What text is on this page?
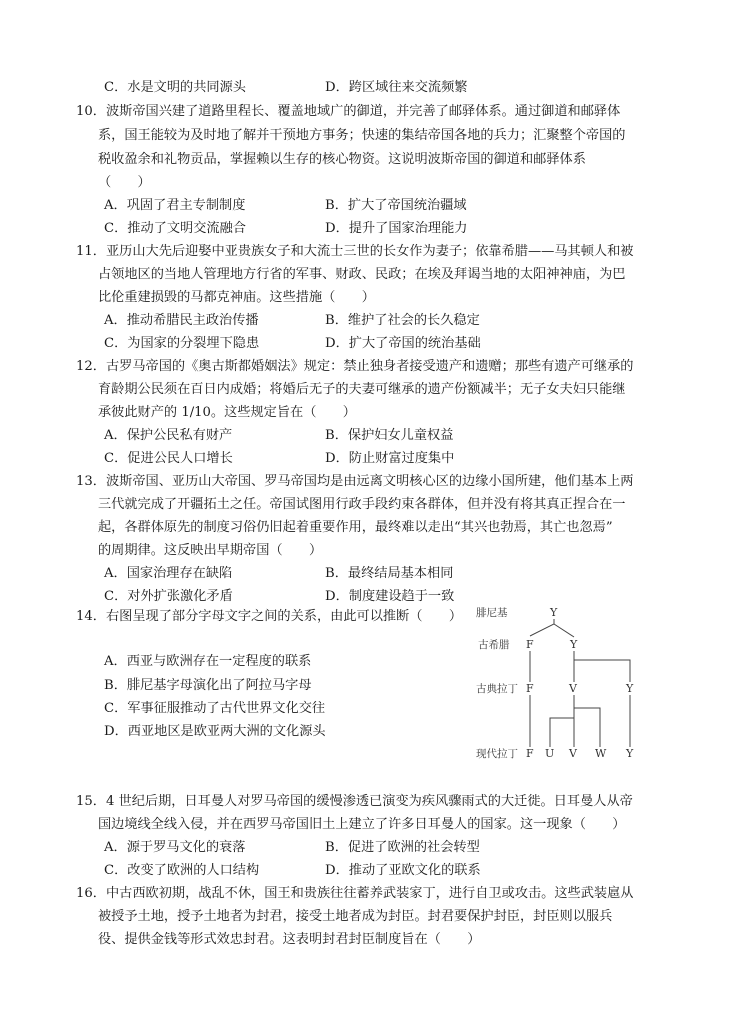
C．水是文明的共同源头	D．跨区域往来交流频繁
10．波斯帝国兴建了道路里程长、覆盖地域广的御道，并完善了邮驿体系。通过御道和邮驿体
系，国王能较为及时地了解并干预地方事务；快速的集结帝国各地的兵力；汇聚整个帝国的
税收盈余和礼物贡品，掌握赖以生存的核心物资。这说明波斯帝国的御道和邮驿体系
（　　）
A．巩固了君主专制制度	B．扩大了帝国统治疆域
C．推动了文明交流融合	D．提升了国家治理能力
11．亚历山大先后迎娶中亚贵族女子和大流士三世的长女作为妻子；依靠希腊——马其顿人和被
占领地区的当地人管理地方行省的军事、财政、民政；在埃及拜谒当地的太阳神神庙，为巴
比伦重建损毁的马都克神庙。这些措施（　　）
A．推动希腊民主政治传播	B．维护了社会的长久稳定
C．为国家的分裂埋下隐患	D．扩大了帝国的统治基础
12．古罗马帝国的《奥古斯都婚姻法》规定：禁止独身者接受遗产和遗赠；那些有遗产可继承的
育龄期公民须在百日内成婚；将婚后无子的夫妻可继承的遗产份额减半；无子女夫妇只能继
承彼此财产的 1/10。这些规定旨在（　　）
A．保护公民私有财产	B．保护妇女儿童权益
C．促进公民人口增长	D．防止财富过度集中
13．波斯帝国、亚历山大帝国、罗马帝国均是由远离文明核心区的边缘小国所建，他们基本上两
三代就完成了开疆拓土之任。帝国试图用行政手段约束各群体，但并没有将其真正捏合在一
起，各群体原先的制度习俗仍旧起着重要作用，最终难以走出“其兴也勃焉，其亡也忽焉”
的周期律。这反映出早期帝国（　　）
A．国家治理存在缺陷	B．最终结局基本相同
C．对外扩张激化矛盾	D．制度建设趋于一致
14．右图呈现了部分字母文字之间的关系，由此可以推断（　　）
A．西亚与欧洲存在一定程度的联系
B．腓尼基字母演化出了阿拉马字母
C．军事征服推动了古代世界文化交往
D．西亚地区是欧亚两大洲的文化源头
腓尼基
古希腊
古典拉丁
现代拉丁
Y
F	Y
F	V	Y
F U V W Y
15．4 世纪后期，日耳曼人对罗马帝国的缓慢渗透已演变为疾风骤雨式的大迁徙。日耳曼人从帝
国边境线全线入侵，并在西罗马帝国旧土上建立了许多日耳曼人的国家。这一现象（　　）
A．源于罗马文化的衰落	B．促进了欧洲的社会转型
C．改变了欧洲的人口结构	D．推动了亚欧文化的联系
16．中古西欧初期，战乱不休，国王和贵族往往蓄养武装家丁，进行自卫或攻击。这些武装扈从
被授予土地，授予土地者为封君，接受土地者成为封臣。封君要保护封臣，封臣则以服兵
役、提供金钱等形式效忠封君。这表明封君封臣制度旨在（　　）
